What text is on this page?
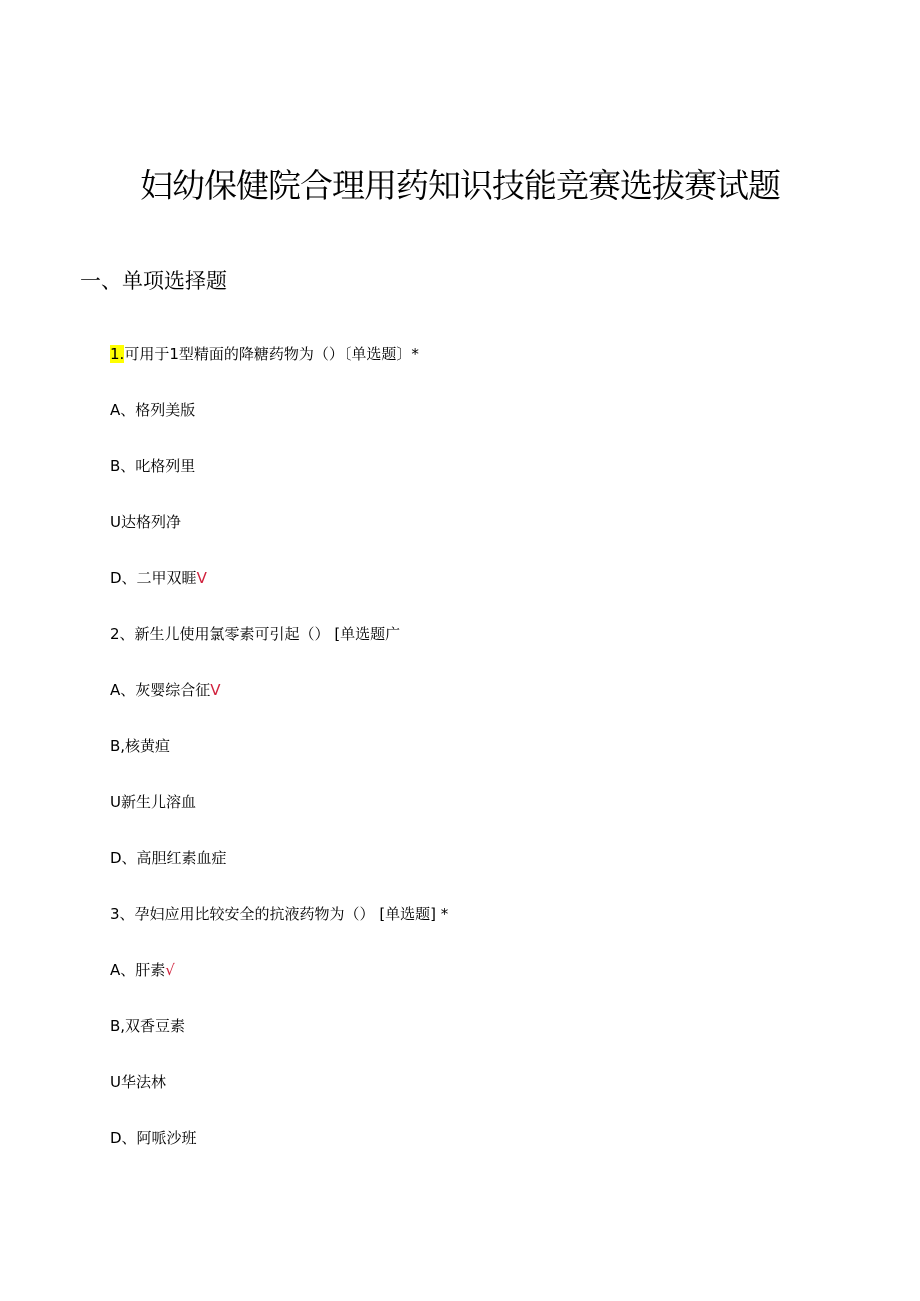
妇幼保健院合理用药知识技能竞赛选拔赛试题
一、单项选择题
1.可用于1型精面的降糖药物为（）〔单选题〕*
A、格列美版
B、叱格列里
U达格列净
D、二甲双睚V
2、新生儿使用氯零素可引起（） [单选题广
A、灰婴综合征V
B,核黄疸
U新生儿溶血
D、高胆红素血症
3、孕妇应用比较安全的抗液药物为（） [单选题] *
A、肝素√
B,双香豆素
U华法林
D、阿哌沙班
